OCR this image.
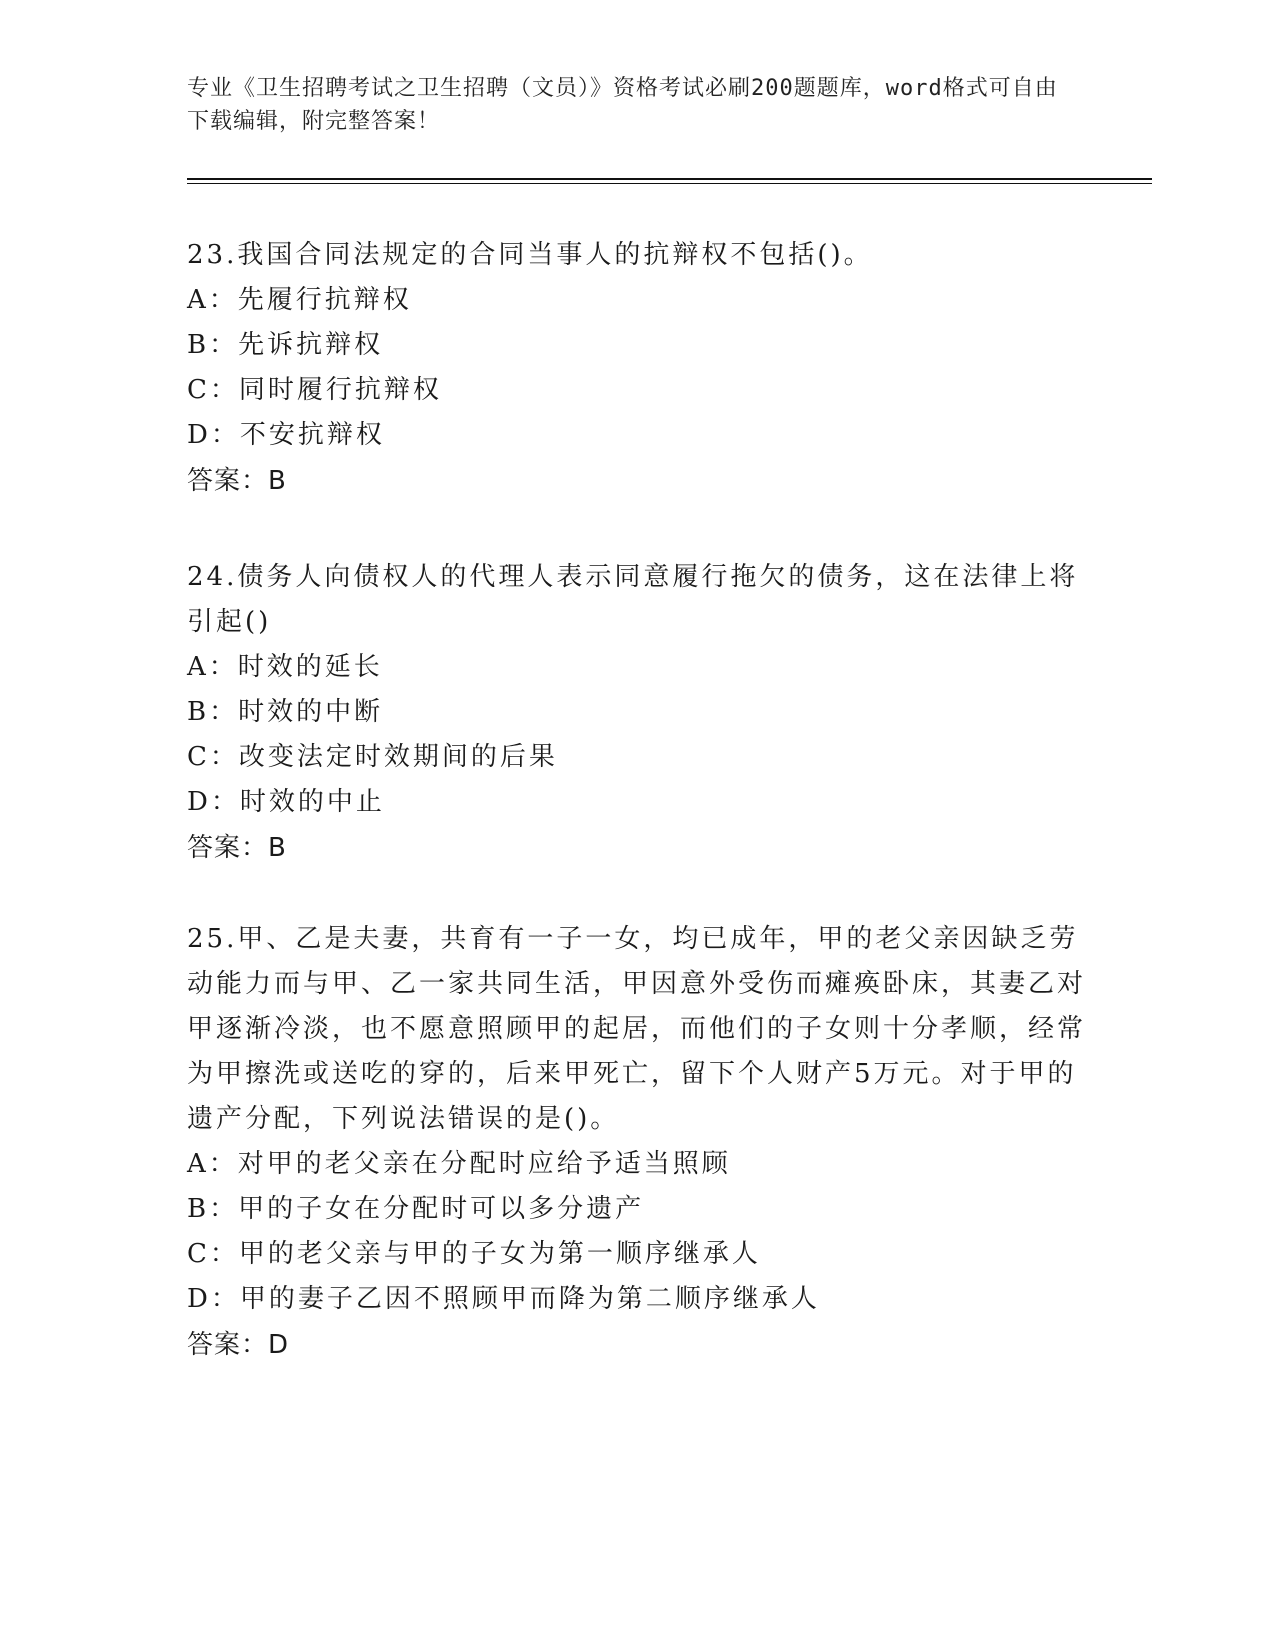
专业《卫生招聘考试之卫生招聘（文员）》资格考试必刷200题题库，word格式可自由下载编辑，附完整答案！

23.我国合同法规定的合同当事人的抗辩权不包括()。

A：先履行抗辩权

B：先诉抗辩权

C：同时履行抗辩权

D：不安抗辩权

答案：B

24.债务人向债权人的代理人表示同意履行拖欠的债务，这在法律上将引起()

A：时效的延长

B：时效的中断

C：改变法定时效期间的后果

D：时效的中止

答案：B

25.甲、乙是夫妻，共育有一子一女，均已成年，甲的老父亲因缺乏劳动能力而与甲、乙一家共同生活，甲因意外受伤而瘫痪卧床，其妻乙对甲逐渐冷淡，也不愿意照顾甲的起居，而他们的子女则十分孝顺，经常为甲擦洗或送吃的穿的，后来甲死亡，留下个人财产5万元。对于甲的遗产分配，下列说法错误的是()。

A：对甲的老父亲在分配时应给予适当照顾

B：甲的子女在分配时可以多分遗产

C：甲的老父亲与甲的子女为第一顺序继承人

D：甲的妻子乙因不照顾甲而降为第二顺序继承人

答案：D
